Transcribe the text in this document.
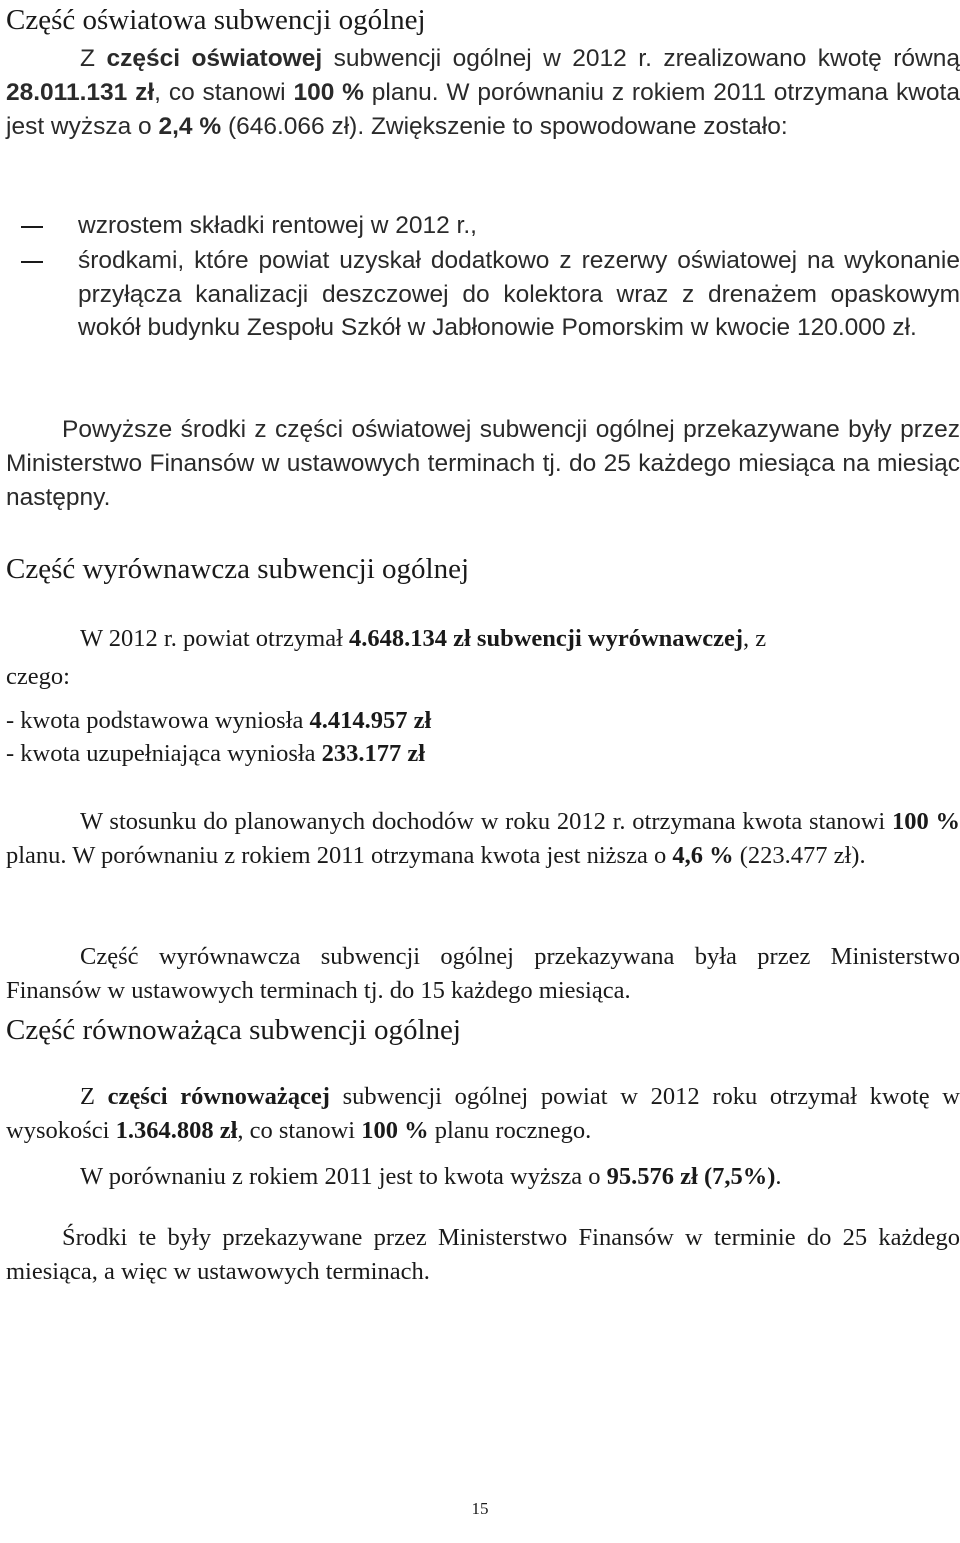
Część oświatowa subwencji ogólnej

Z części oświatowej subwencji ogólnej w 2012 r. zrealizowano kwotę równą 28.011.131 zł, co stanowi 100 % planu. W porównaniu z rokiem 2011 otrzymana kwota jest wyższa o 2,4 % (646.066 zł). Zwiększenie to spowodowane zostało:

wzrostem składki rentowej w 2012 r.,

środkami, które powiat uzyskał dodatkowo z rezerwy oświatowej na wykonanie przyłącza kanalizacji deszczowej do kolektora wraz z drenażem opaskowym wokół budynku Zespołu Szkół w Jabłonowie Pomorskim w kwocie 120.000 zł.

Powyższe środki z części oświatowej subwencji ogólnej przekazywane były przez Ministerstwo Finansów w ustawowych terminach tj. do 25 każdego miesiąca na miesiąc następny.

Część wyrównawcza subwencji ogólnej

W 2012 r. powiat otrzymał 4.648.134 zł subwencji wyrównawczej, z

czego:

- kwota podstawowa wyniosła 4.414.957 zł

- kwota uzupełniająca wyniosła 233.177 zł

W stosunku do planowanych dochodów w roku 2012 r. otrzymana kwota stanowi 100 % planu. W porównaniu z rokiem 2011 otrzymana kwota jest niższa o 4,6 % (223.477 zł).

Część wyrównawcza subwencji ogólnej przekazywana była przez Ministerstwo Finansów w ustawowych terminach tj. do 15 każdego miesiąca.

Część równoważąca subwencji ogólnej

Z części równoważącej subwencji ogólnej powiat w 2012 roku otrzymał kwotę w wysokości 1.364.808 zł, co stanowi 100 % planu rocznego.

W porównaniu z rokiem 2011 jest to kwota wyższa o 95.576 zł (7,5%).

Środki te były przekazywane przez Ministerstwo Finansów w terminie do 25 każdego miesiąca, a więc w ustawowych terminach.

15
